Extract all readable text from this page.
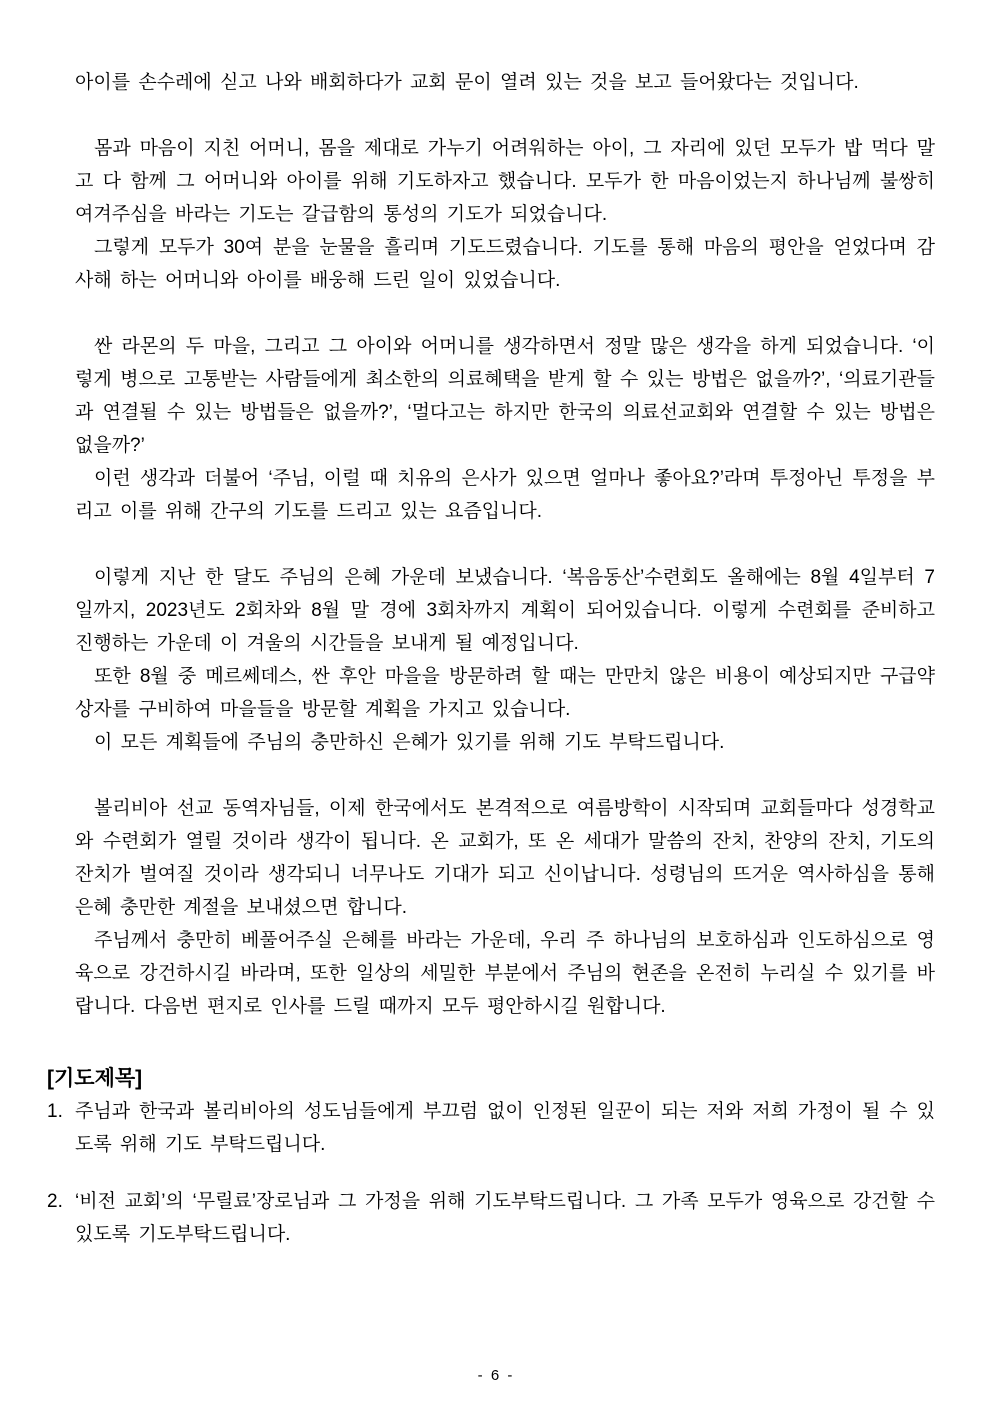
아이를 손수레에 싣고 나와 배회하다가 교회 문이 열려 있는 것을 보고 들어왔다는 것입니다.

몸과 마음이 지친 어머니, 몸을 제대로 가누기 어려워하는 아이, 그 자리에 있던 모두가 밥 먹다 말고 다 함께 그 어머니와 아이를 위해 기도하자고 했습니다. 모두가 한 마음이었는지 하나님께 불쌍히 여겨주심을 바라는 기도는 갈급함의 통성의 기도가 되었습니다.

그렇게 모두가 30여 분을 눈물을 흘리며 기도드렸습니다. 기도를 통해 마음의 평안을 얻었다며 감사해 하는 어머니와 아이를 배웅해 드린 일이 있었습니다.

싼 라몬의 두 마을, 그리고 그 아이와 어머니를 생각하면서 정말 많은 생각을 하게 되었습니다. ‘이렇게 병으로 고통받는 사람들에게 최소한의 의료혜택을 받게 할 수 있는 방법은 없을까?’, ‘의료기관들과 연결될 수 있는 방법들은 없을까?’, ‘멀다고는 하지만 한국의 의료선교회와 연결할 수 있는 방법은 없을까?’

이런 생각과 더불어 ‘주님, 이럴 때 치유의 은사가 있으면 얼마나 좋아요?’라며 투정아닌 투정을 부리고 이를 위해 간구의 기도를 드리고 있는 요즘입니다.

이렇게 지난 한 달도 주님의 은혜 가운데 보냈습니다. ‘복음동산’수련회도 올해에는 8월 4일부터 7일까지, 2023년도 2회차와 8월 말 경에 3회차까지 계획이 되어있습니다. 이렇게 수련회를 준비하고 진행하는 가운데 이 겨울의 시간들을 보내게 될 예정입니다.

또한 8월 중 메르쎄데스, 싼 후안 마을을 방문하려 할 때는 만만치 않은 비용이 예상되지만 구급약상자를 구비하여 마을들을 방문할 계획을 가지고 있습니다.

이 모든 계획들에 주님의 충만하신 은혜가 있기를 위해 기도 부탁드립니다.

볼리비아 선교 동역자님들, 이제 한국에서도 본격적으로 여름방학이 시작되며 교회들마다 성경학교와 수련회가 열릴 것이라 생각이 됩니다. 온 교회가, 또 온 세대가 말씀의 잔치, 찬양의 잔치, 기도의 잔치가 벌여질 것이라 생각되니 너무나도 기대가 되고 신이납니다. 성령님의 뜨거운 역사하심을 통해 은혜 충만한 계절을 보내셨으면 합니다.

주님께서 충만히 베풀어주실 은혜를 바라는 가운데, 우리 주 하나님의 보호하심과 인도하심으로 영육으로 강건하시길 바라며, 또한 일상의 세밀한 부분에서 주님의 현존을 온전히 누리실 수 있기를 바랍니다. 다음번 편지로 인사를 드릴 때까지 모두 평안하시길 원합니다.

[기도제목]
1. 주님과 한국과 볼리비아의 성도님들에게 부끄럼 없이 인정된 일꾼이 되는 저와 저희 가정이 될 수 있도록 위해 기도 부탁드립니다.
2. ‘비전 교회’의 ‘무릴료’장로님과 그 가정을 위해 기도부탁드립니다. 그 가족 모두가 영육으로 강건할 수 있도록 기도부탁드립니다.
- 6 -
